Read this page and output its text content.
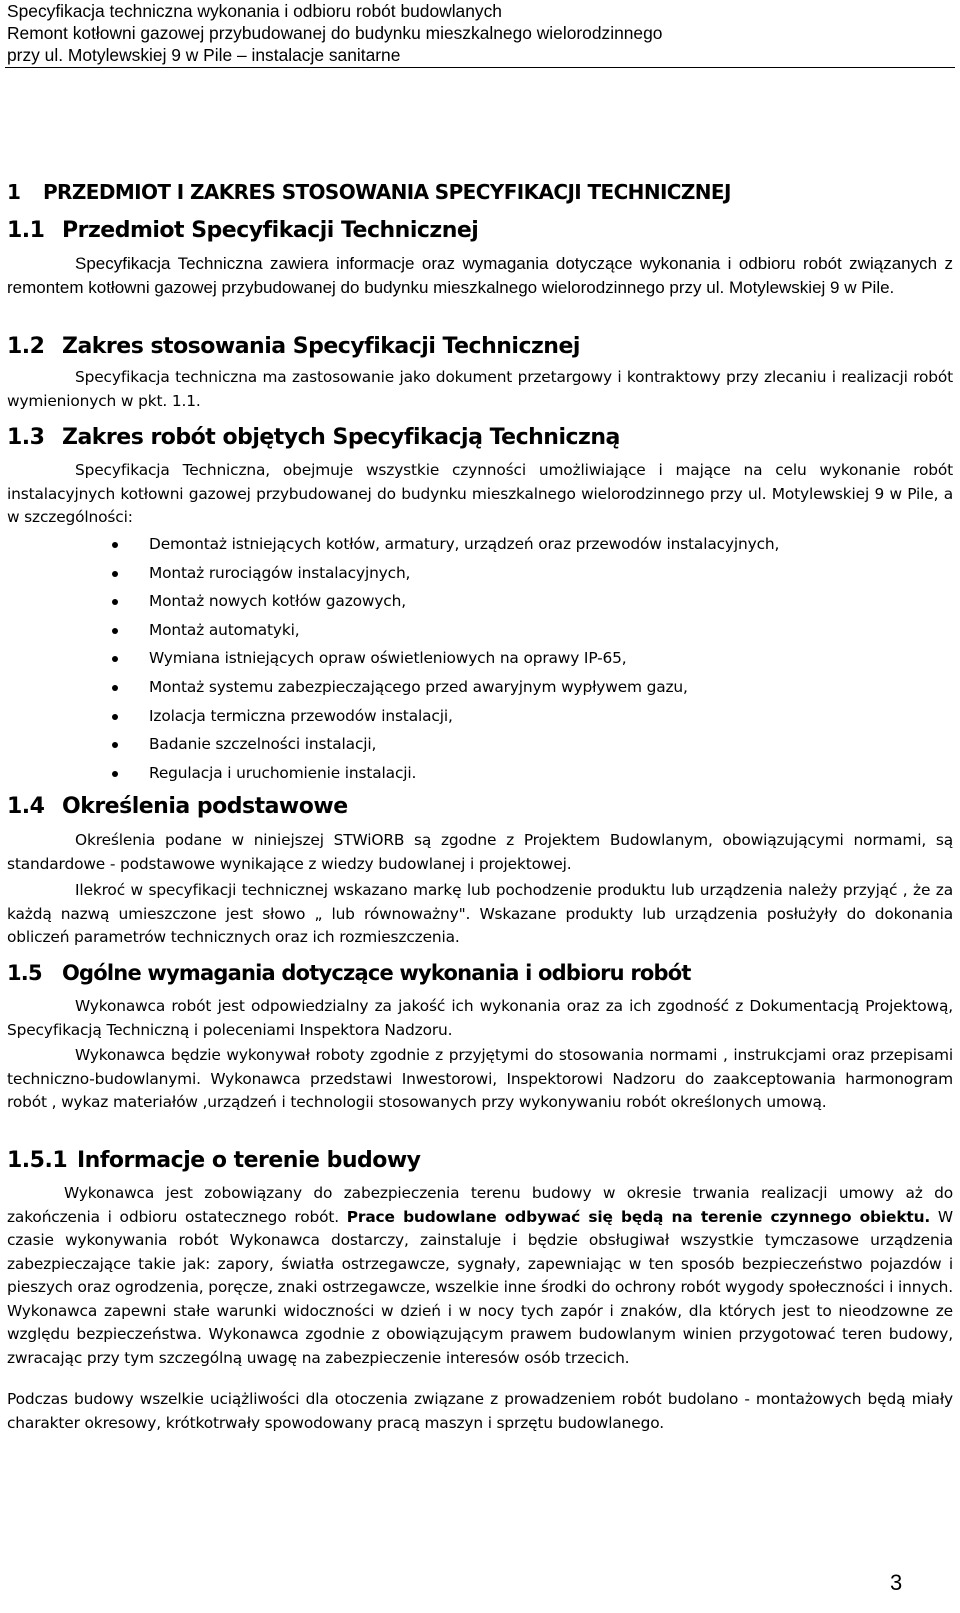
Specyfikacja techniczna wykonania i odbioru robót budowlanych
Remont kotłowni gazowej przybudowanej do budynku mieszkalnego wielorodzinnego
przy ul. Motylewskiej 9 w Pile – instalacje sanitarne
1 PRZEDMIOT I ZAKRES STOSOWANIA SPECYFIKACJI TECHNICZNEJ
1.1 Przedmiot Specyfikacji Technicznej
Specyfikacja Techniczna zawiera informacje oraz wymagania dotyczące wykonania i odbioru robót związanych z remontem kotłowni gazowej przybudowanej do budynku mieszkalnego wielorodzinnego przy ul. Motylewskiej 9 w Pile.
1.2 Zakres stosowania Specyfikacji Technicznej
Specyfikacja techniczna ma zastosowanie jako dokument przetargowy i kontraktowy przy zlecaniu i realizacji robót wymienionych w pkt. 1.1.
1.3 Zakres robót objętych Specyfikacją Techniczną
Specyfikacja Techniczna, obejmuje wszystkie czynności umożliwiające i mające na celu wykonanie robót instalacyjnych kotłowni gazowej przybudowanej do budynku mieszkalnego wielorodzinnego przy ul. Motylewskiej 9 w Pile, a w szczególności:
Demontaż istniejących kotłów, armatury, urządzeń oraz przewodów instalacyjnych,
Montaż rurociągów instalacyjnych,
Montaż nowych kotłów gazowych,
Montaż automatyki,
Wymiana istniejących opraw oświetleniowych na oprawy IP-65,
Montaż systemu zabezpieczającego przed awaryjnym wypływem gazu,
Izolacja termiczna przewodów instalacji,
Badanie szczelności instalacji,
Regulacja i uruchomienie instalacji.
1.4 Określenia podstawowe
Określenia podane w niniejszej STWiORB są zgodne z Projektem Budowlanym, obowiązującymi normami, są standardowe - podstawowe wynikające z wiedzy budowlanej i projektowej.
Ilekroć w specyfikacji technicznej wskazano markę lub pochodzenie produktu lub urządzenia należy przyjąć , że za każdą nazwą umieszczone jest słowo „ lub równoważny". Wskazane produkty lub urządzenia posłużyły do dokonania obliczeń parametrów technicznych oraz ich rozmieszczenia.
1.5 Ogólne wymagania dotyczące wykonania i odbioru robót
Wykonawca robót jest odpowiedzialny za jakość ich wykonania oraz za ich zgodność z Dokumentacją Projektową, Specyfikacją Techniczną i poleceniami Inspektora Nadzoru.
Wykonawca będzie wykonywał roboty zgodnie z przyjętymi do stosowania normami , instrukcjami oraz przepisami techniczno-budowlanymi. Wykonawca przedstawi Inwestorowi, Inspektorowi Nadzoru do zaakceptowania harmonogram robót , wykaz materiałów ,urządzeń i technologii stosowanych przy wykonywaniu robót określonych umową.
1.5.1 Informacje o terenie budowy
Wykonawca jest zobowiązany do zabezpieczenia terenu budowy w okresie trwania realizacji umowy aż do zakończenia i odbioru ostatecznego robót. Prace budowlane odbywać się będą na terenie czynnego obiektu. W czasie wykonywania robót Wykonawca dostarczy, zainstaluje i będzie obsługiwał wszystkie tymczasowe urządzenia zabezpieczające takie jak: zapory, światła ostrzegawcze, sygnały, zapewniając w ten sposób bezpieczeństwo pojazdów i pieszych oraz ogrodzenia, poręcze, znaki ostrzegawcze, wszelkie inne środki do ochrony robót wygody społeczności i innych. Wykonawca zapewni stałe warunki widoczności w dzień i w nocy tych zapór i znaków, dla których jest to nieodzowne ze względu bezpieczeństwa. Wykonawca zgodnie z obowiązującym prawem budowlanym winien przygotować teren budowy, zwracając przy tym szczególną uwagę na zabezpieczenie interesów osób trzecich.
Podczas budowy wszelkie uciążliwości dla otoczenia związane z prowadzeniem robót budolano - montażowych będą miały charakter okresowy, krótkotrwały spowodowany pracą maszyn i sprzętu budowlanego.
3
